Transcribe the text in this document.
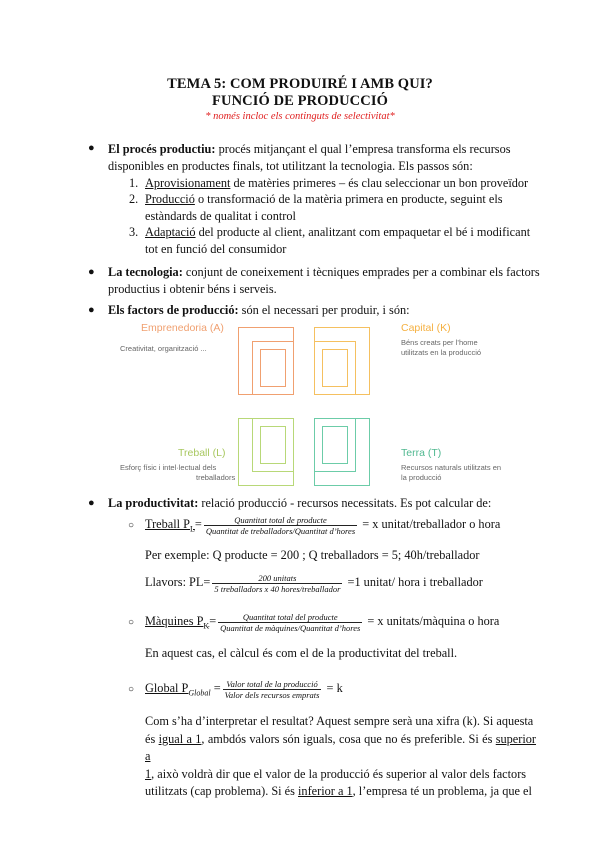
TEMA 5: COM PRODUIRÉ I AMB QUI?
FUNCIÓ DE PRODUCCIÓ
* només incloc els continguts de selectivitat*
● El procés productiu: procés mitjançant el qual l’empresa transforma els recursos
disponibles en productes finals, tot utilitzant la tecnologia. Els passos són:
1. Aprovisionament de matèries primeres – és clau seleccionar un bon proveïdor
2. Producció o transformació de la matèria primera en producte, seguint els
estàndards de qualitat i control
3. Adaptació del producte al client, analitzant com empaquetar el bé i modificant
tot en funció del consumidor
● La tecnologia: conjunt de coneixement i tècniques emprades per a combinar els factors
productius i obtenir béns i serveis.
● Els factors de producció: són el necessari per produir, i són:
Emprenedoria (A)
Creativitat, organització ...
Capital (K)
Béns creats per l’home
utilitzats en la producció
Treball (L)
Esforç físic i intel·lectual dels
treballadors
Terra (T)
Recursos naturals utilitzats en
la producció
● La productivitat: relació producció - recursos necessitats. Es pot calcular de:
○ Treball $P_L= \frac{\text{Quantitat total de producte}}{\text{Quantitat de treballadors/Quantitat d’hores}} = x$ unitat/treballador o hora
Per exemple: Q producte = 200 ; Q treballadors = 5; 40h/treballador
Llavors: $PL= \frac{\text{200 unitats}}{\text{5 treballadors x 40 hores/treballador}} =1$ unitat/ hora i treballador
○ Màquines $P_K= \frac{\text{Quantitat total del producte}}{\text{Quantitat de màquines/Quantitat d’hores}} = x$ unitats/màquina o hora
En aquest cas, el càlcul és com el de la productivitat del treball.
○ Global $P_{Global} = \frac{\text{Valor total de la producció}}{\text{Valor dels recursos emprats}} = k$
Com s’ha d’interpretar el resultat? Aquest sempre serà una xifra (k). Si aquesta
és igual a 1, ambdós valors són iguals, cosa que no és preferible. Si és superior a
1, això voldrà dir que el valor de la producció és superior al valor dels factors
utilitzats (cap problema). Si és inferior a 1, l’empresa té un problema, ja que el
